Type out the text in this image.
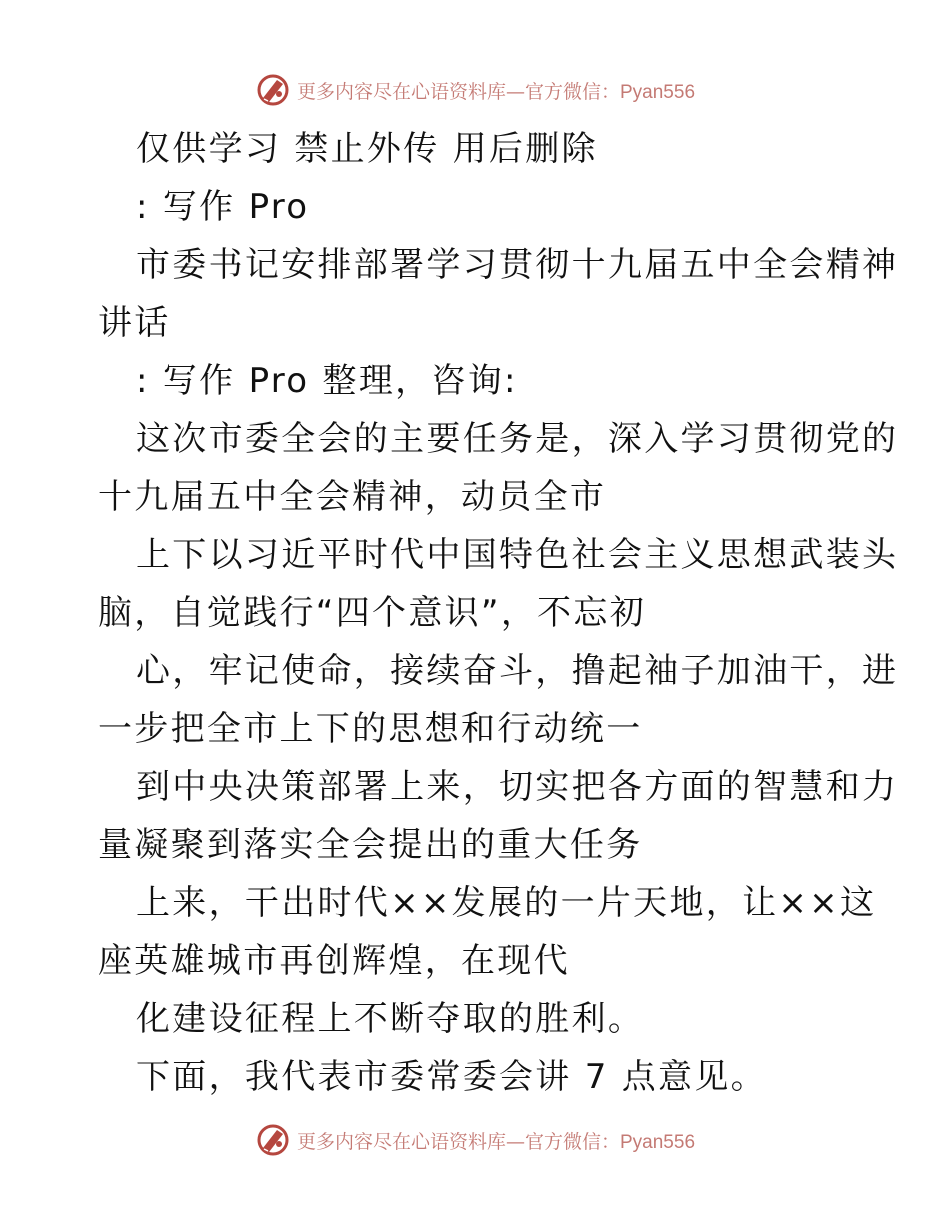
更多内容尽在心语资料库—官方微信：Pyan556
仅供学习 禁止外传 用后删除
: 写作 Pro
市委书记安排部署学习贯彻十九届五中全会精神
讲话
: 写作 Pro 整理，咨询:
这次市委全会的主要任务是，深入学习贯彻党的
十九届五中全会精神，动员全市
上下以习近平时代中国特色社会主义思想武装头
脑，自觉践行“四个意识”，不忘初
心，牢记使命，接续奋斗，撸起袖子加油干，进
一步把全市上下的思想和行动统一
到中央决策部署上来，切实把各方面的智慧和力
量凝聚到落实全会提出的重大任务
上来，干出时代××发展的一片天地，让××这
座英雄城市再创辉煌，在现代
化建设征程上不断夺取的胜利。
下面，我代表市委常委会讲 7 点意见。
更多内容尽在心语资料库—官方微信：Pyan556
